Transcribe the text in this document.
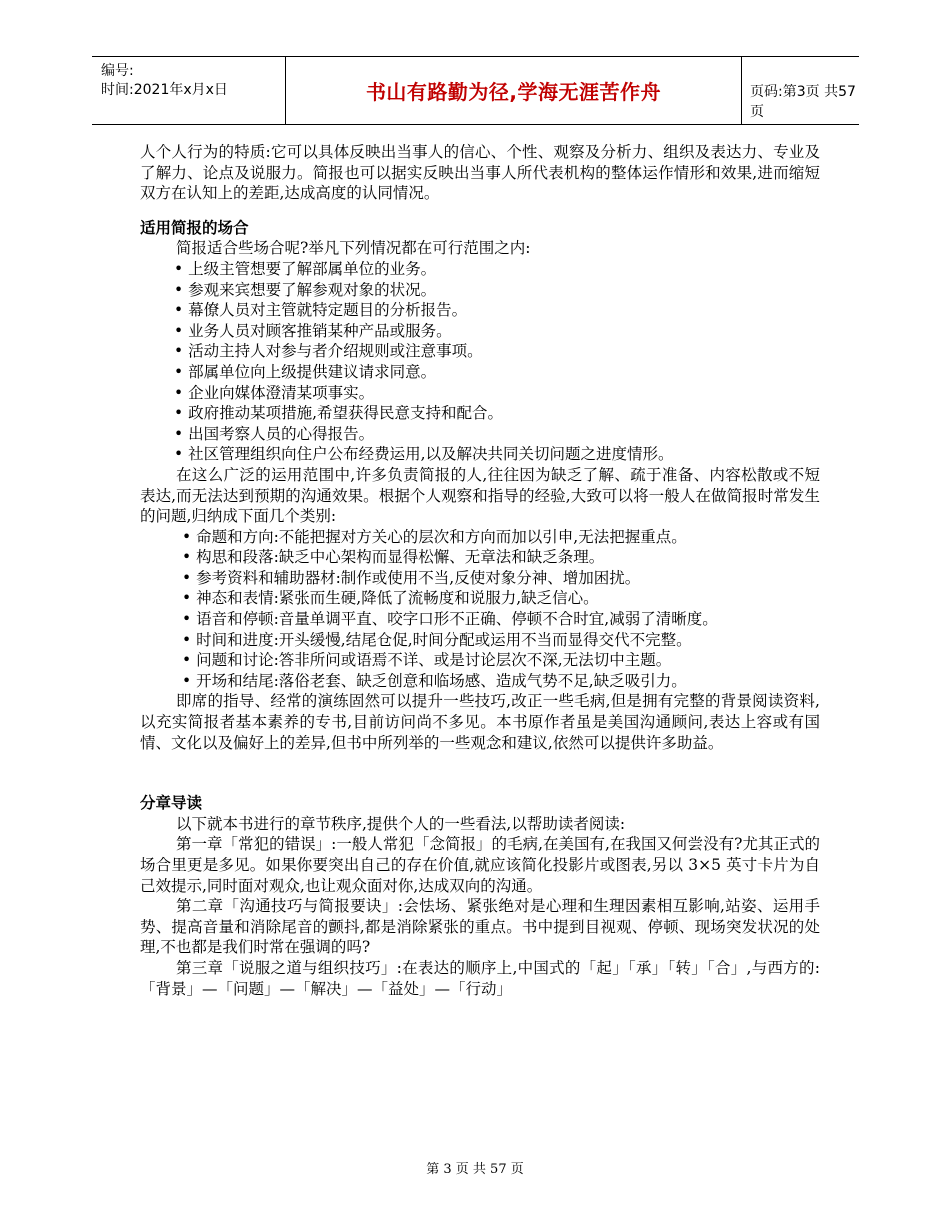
编号:
时间:2021年x月x日	书山有路勤为径,学海无涯苦作舟	页码:第3页 共57页

人个人行为的特质:它可以具体反映出当事人的信心、个性、观察及分析力、组织及表达力、专业及了解力、论点及说服力。简报也可以据实反映出当事人所代表机构的整体运作情形和效果,进而缩短双方在认知上的差距,达成高度的认同情况。

适用简报的场合

简报适合些场合呢?举凡下列情况都在可行范围之内:

• 上级主管想要了解部属单位的业务。

• 参观来宾想要了解参观对象的状况。

• 幕僚人员对主管就特定题目的分析报告。

• 业务人员对顾客推销某种产品或服务。

• 活动主持人对参与者介绍规则或注意事项。

• 部属单位向上级提供建议请求同意。

• 企业向媒体澄清某项事实。

• 政府推动某项措施,希望获得民意支持和配合。

• 出国考察人员的心得报告。

• 社区管理组织向住户公布经费运用,以及解决共同关切问题之进度情形。

在这么广泛的运用范围中,许多负责简报的人,往往因为缺乏了解、疏于准备、内容松散或不短表达,而无法达到预期的沟通效果。根据个人观察和指导的经验,大致可以将一般人在做简报时常发生的问题,归纳成下面几个类别:

• 命题和方向:不能把握对方关心的层次和方向而加以引申,无法把握重点。

• 构思和段落:缺乏中心架构而显得松懈、无章法和缺乏条理。

• 参考资料和辅助器材:制作或使用不当,反使对象分神、增加困扰。

• 神态和表情:紧张而生硬,降低了流畅度和说服力,缺乏信心。

• 语音和停顿:音量单调平直、咬字口形不正确、停顿不合时宜,减弱了清晰度。

• 时间和进度:开头缓慢,结尾仓促,时间分配或运用不当而显得交代不完整。

• 问题和讨论:答非所问或语焉不详、或是讨论层次不深,无法切中主题。

• 开场和结尾:落俗老套、缺乏创意和临场感、造成气势不足,缺乏吸引力。

即席的指导、经常的演练固然可以提升一些技巧,改正一些毛病,但是拥有完整的背景阅读资料,以充实简报者基本素养的专书,目前访问尚不多见。本书原作者虽是美国沟通顾问,表达上容或有国情、文化以及偏好上的差异,但书中所列举的一些观念和建议,依然可以提供许多助益。

分章导读

以下就本书进行的章节秩序,提供个人的一些看法,以帮助读者阅读:

第一章「常犯的错误」:一般人常犯「念简报」的毛病,在美国有,在我国又何尝没有?尤其正式的场合里更是多见。如果你要突出自己的存在价值,就应该简化投影片或图表,另以 3×5 英寸卡片为自己效提示,同时面对观众,也让观众面对你,达成双向的沟通。

第二章「沟通技巧与简报要诀」:会怯场、紧张绝对是心理和生理因素相互影响,站姿、运用手势、提高音量和消除尾音的颤抖,都是消除紧张的重点。书中提到目视观、停顿、现场突发状况的处理,不也都是我们时常在强调的吗?

第三章「说服之道与组织技巧」:在表达的顺序上,中国式的「起」「承」「转」「合」,与西方的:「背景」—「问题」—「解决」—「益处」—「行动」

第 3 页 共 57 页
